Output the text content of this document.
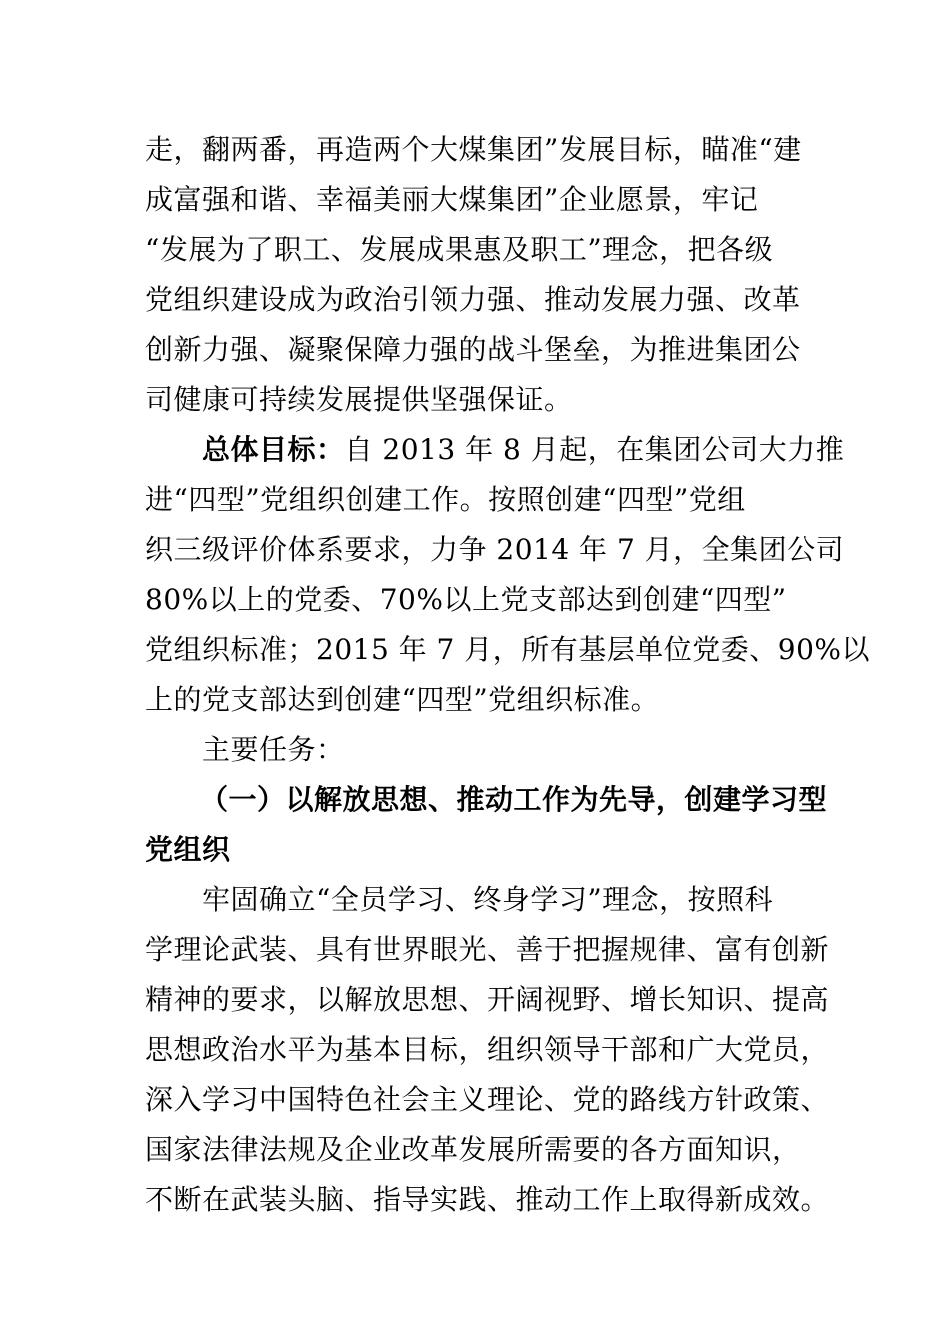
走，翻两番，再造两个大煤集团”发展目标，瞄准“建
成富强和谐、幸福美丽大煤集团”企业愿景，牢记
“发展为了职工、发展成果惠及职工”理念，把各级
党组织建设成为政治引领力强、推动发展力强、改革
创新力强、凝聚保障力强的战斗堡垒，为推进集团公
司健康可持续发展提供坚强保证。
总体目标：自 2013 年 8 月起，在集团公司大力推
进“四型”党组织创建工作。按照创建“四型”党组
织三级评价体系要求，力争 2014 年 7 月，全集团公司
80%以上的党委、70%以上党支部达到创建“四型”
党组织标准；2015 年 7 月，所有基层单位党委、90%以
上的党支部达到创建“四型”党组织标准。
主要任务：
（一）以解放思想、推动工作为先导，创建学习型
党组织
牢固确立“全员学习、终身学习”理念，按照科
学理论武装、具有世界眼光、善于把握规律、富有创新
精神的要求，以解放思想、开阔视野、增长知识、提高
思想政治水平为基本目标，组织领导干部和广大党员，
深入学习中国特色社会主义理论、党的路线方针政策、
国家法律法规及企业改革发展所需要的各方面知识，
不断在武装头脑、指导实践、推动工作上取得新成效。
